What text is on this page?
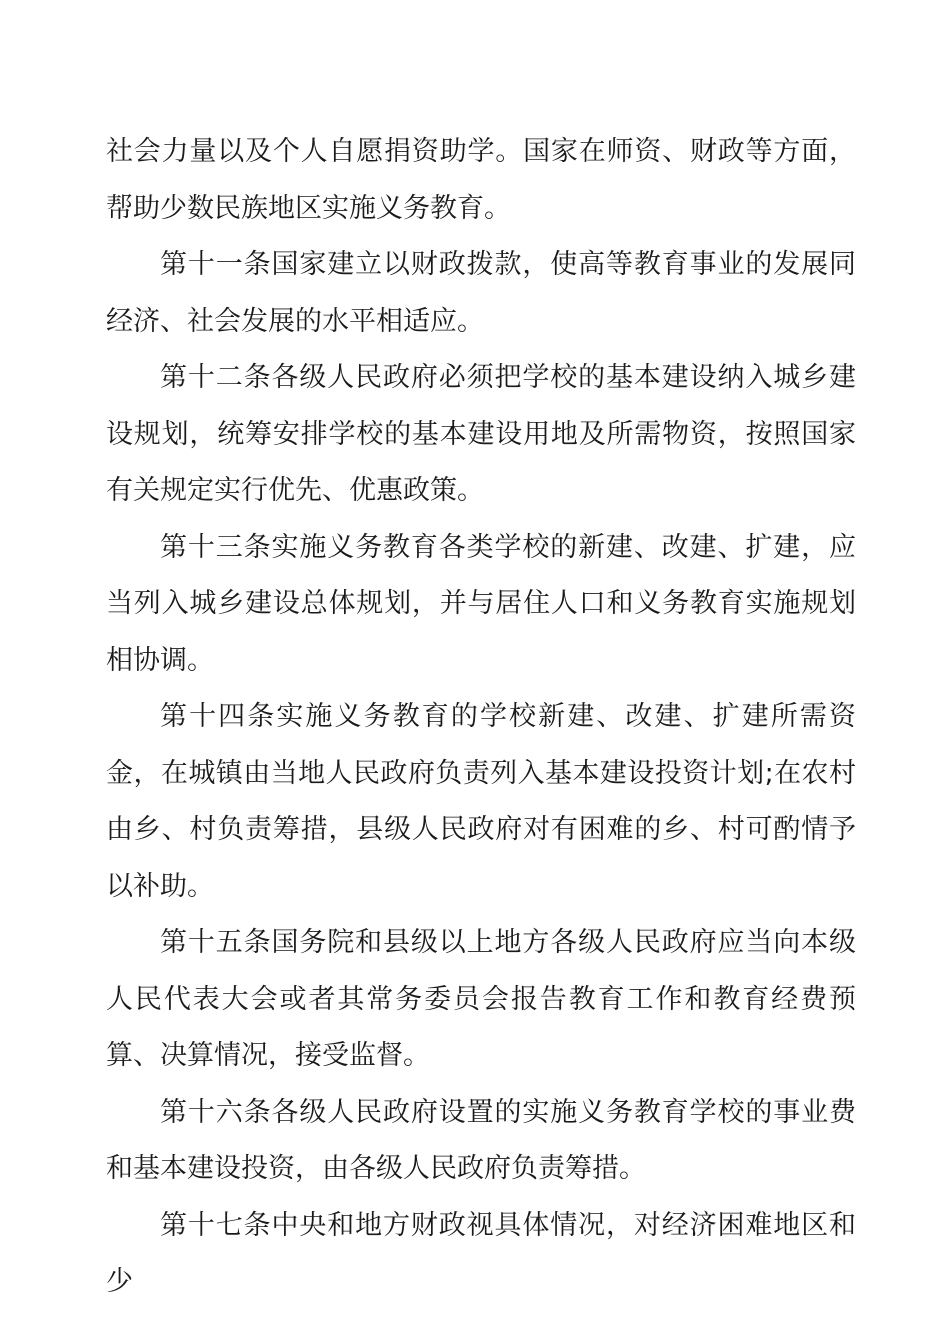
社会力量以及个人自愿捐资助学。国家在师资、财政等方面，帮助少数民族地区实施义务教育。

第十一条国家建立以财政拨款，使高等教育事业的发展同经济、社会发展的水平相适应。

第十二条各级人民政府必须把学校的基本建设纳入城乡建设规划，统筹安排学校的基本建设用地及所需物资，按照国家有关规定实行优先、优惠政策。

第十三条实施义务教育各类学校的新建、改建、扩建，应当列入城乡建设总体规划，并与居住人口和义务教育实施规划相协调。

第十四条实施义务教育的学校新建、改建、扩建所需资金，在城镇由当地人民政府负责列入基本建设投资计划;在农村由乡、村负责筹措，县级人民政府对有困难的乡、村可酌情予以补助。

第十五条国务院和县级以上地方各级人民政府应当向本级人民代表大会或者其常务委员会报告教育工作和教育经费预算、决算情况，接受监督。

第十六条各级人民政府设置的实施义务教育学校的事业费和基本建设投资，由各级人民政府负责筹措。

第十七条中央和地方财政视具体情况，对经济困难地区和少
